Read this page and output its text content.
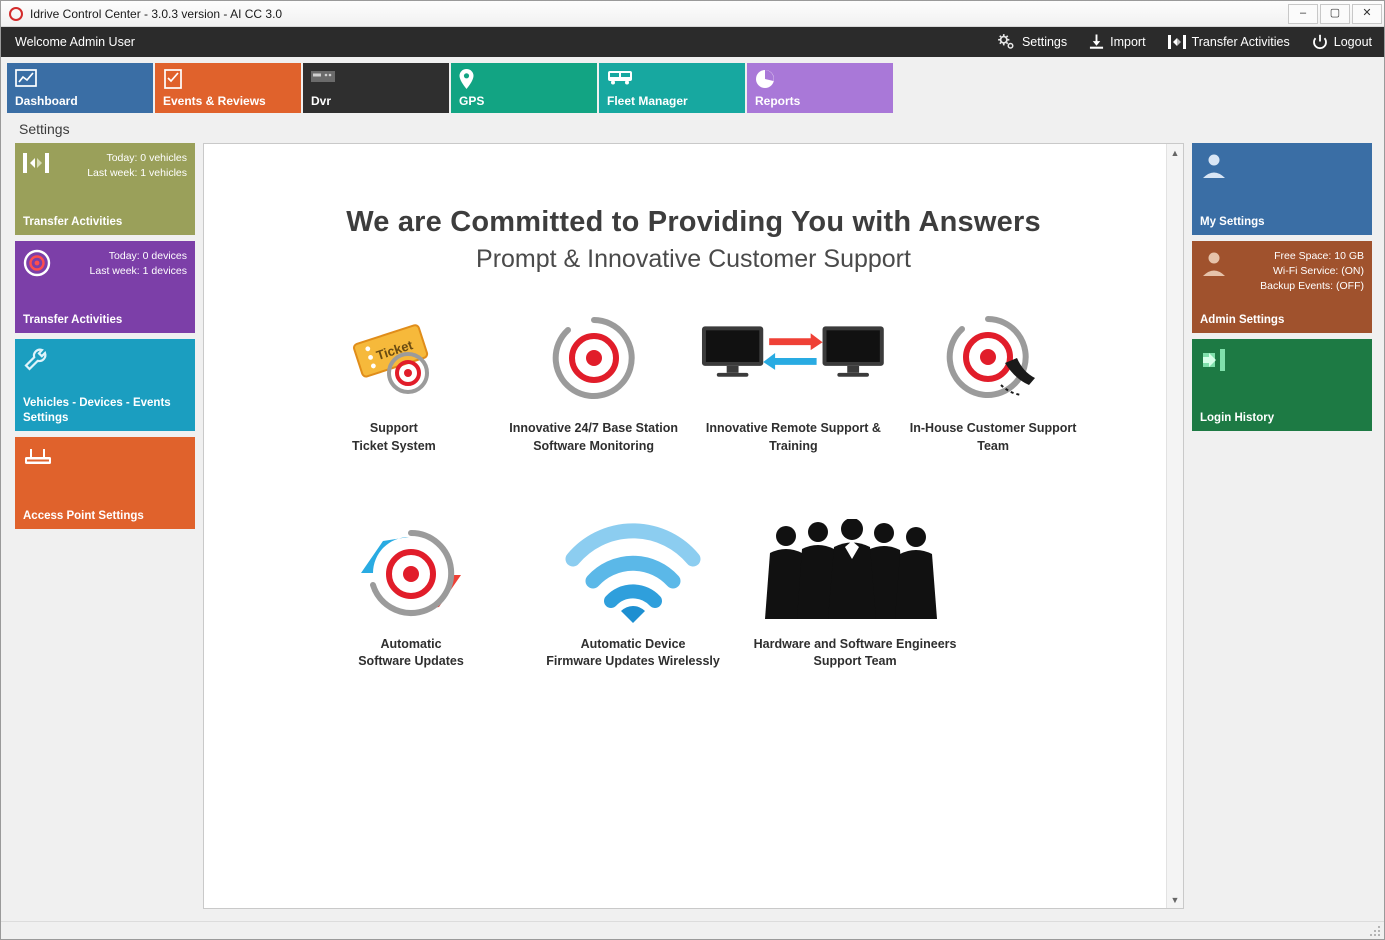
Idrive Control Center - 3.0.3 version - AI CC 3.0	–	▢	✕
Welcome Admin User	Settings	Import	Transfer Activities	Logout
Dashboard	Events & Reviews	Dvr	GPS	Fleet Manager	Reports
Settings
Today: 0 vehicles
Last week: 1 vehicles
Transfer Activities
Today: 0 devices
Last week: 1 devices
Transfer Activities
Vehicles - Devices - Events Settings
Access Point Settings
We are Committed to Providing You with Answers
Prompt & Innovative Customer Support
Ticket
Support
Ticket System
Innovative 24/7 Base Station
Software Monitoring
Innovative Remote Support &
Training
In-House Customer Support
Team
Automatic
Software Updates
Automatic Device
Firmware Updates Wirelessly
Hardware and Software Engineers
Support Team
▲
▼
My Settings
Free Space: 10 GB
Wi-Fi Service: (ON)
Backup Events: (OFF)
Admin Settings
Login History
